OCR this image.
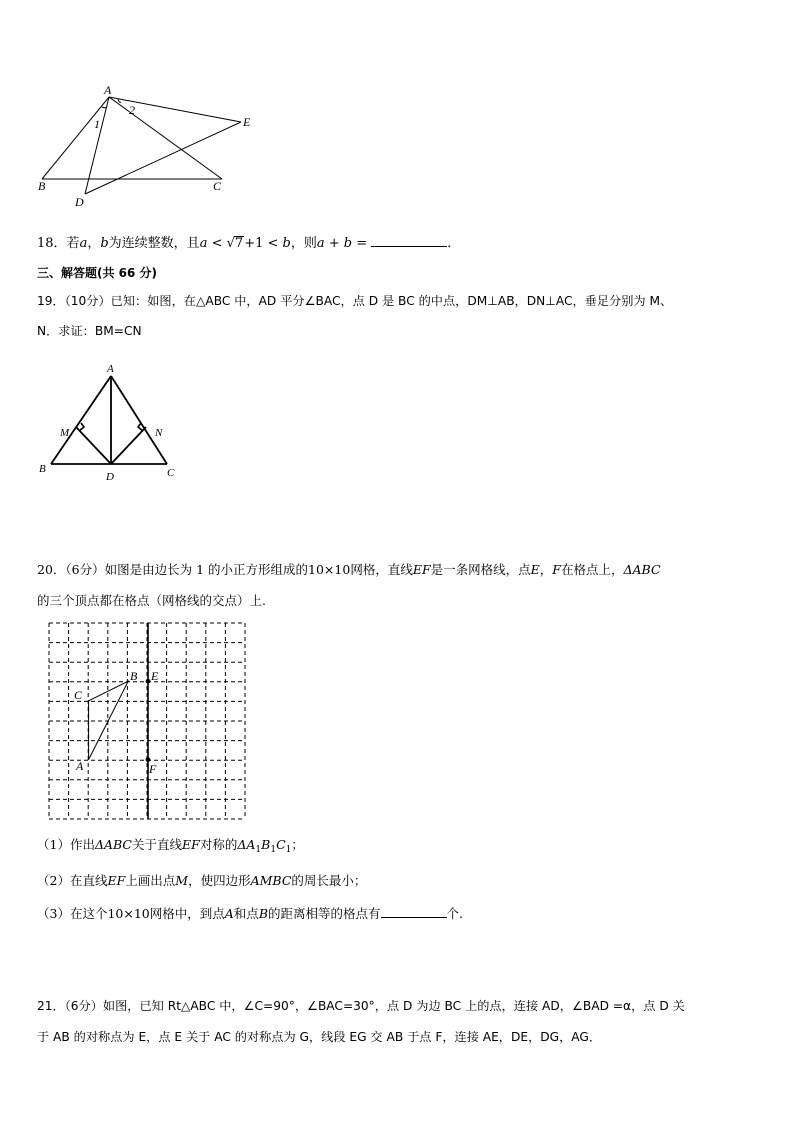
A
B	C
D
E
1
2
18．若a，b为连续整数，且a < √7+1 < b，则a + b =	．
三、解答题(共 66 分)
19．（10分）已知：如图，在△ABC 中，AD 平分∠BAC，点 D 是 BC 的中点，DM⊥AB，DN⊥AC，垂足分别为 M、
N．求证：BM=CN
A
B	C
D
M	N
20．（6分）如图是由边长为 1 的小正方形组成的10×10网格，直线EF是一条网格线，点E，F在格点上，ΔABC
的三个顶点都在格点（网格线的交点）上.
A
B
C
E
F
（1）作出ΔABC关于直线EF对称的$\Delta A_1B_1C_1$；
（2）在直线EF上画出点M，使四边形AMBC的周长最小；
（3）在这个10×10网格中，到点A和点B的距离相等的格点有	个.
21．（6分）如图，已知 Rt△ABC 中，∠C=90°，∠BAC=30°，点 D 为边 BC 上的点，连接 AD，∠BAD =α，点 D 关
于 AB 的对称点为 E，点 E 关于 AC 的对称点为 G，线段 EG 交 AB 于点 F，连接 AE，DE，DG，AG．
